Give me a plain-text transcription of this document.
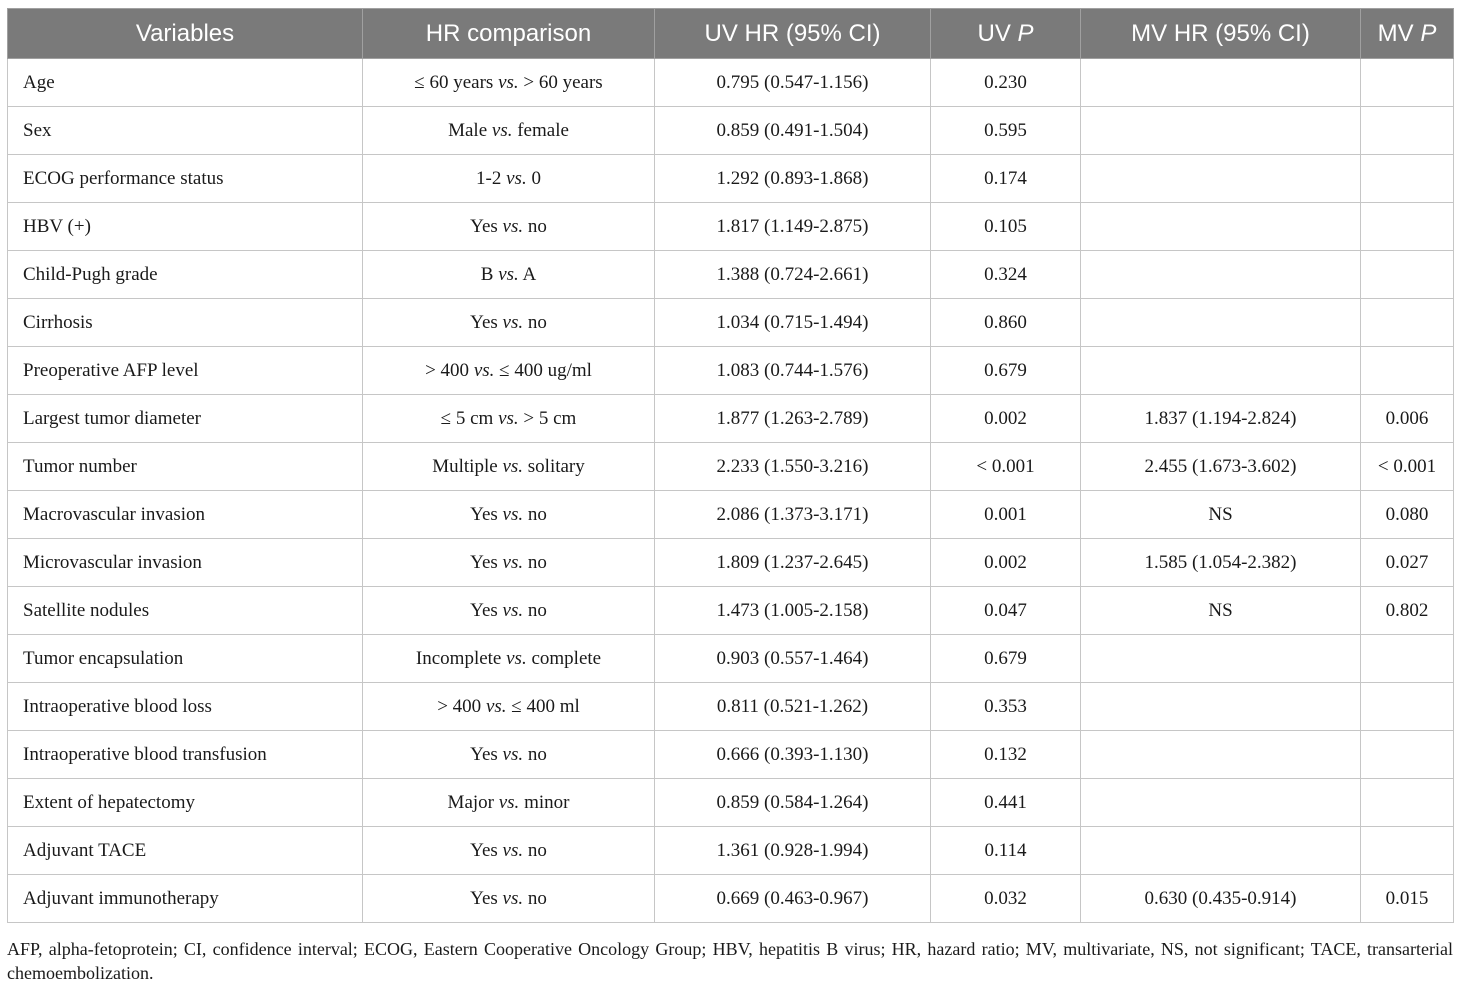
Variables	HR comparison	UV HR (95% CI)	UV P	MV HR (95% CI)	MV P
Age	≤ 60 years vs. > 60 years	0.795 (0.547-1.156)	0.230		
Sex	Male vs. female	0.859 (0.491-1.504)	0.595		
ECOG performance status	1-2 vs. 0	1.292 (0.893-1.868)	0.174		
HBV (+)	Yes vs. no	1.817 (1.149-2.875)	0.105		
Child-Pugh grade	B vs. A	1.388 (0.724-2.661)	0.324		
Cirrhosis	Yes vs. no	1.034 (0.715-1.494)	0.860		
Preoperative AFP level	> 400 vs. ≤ 400 ug/ml	1.083 (0.744-1.576)	0.679		
Largest tumor diameter	≤ 5 cm vs. > 5 cm	1.877 (1.263-2.789)	0.002	1.837 (1.194-2.824)	0.006
Tumor number	Multiple vs. solitary	2.233 (1.550-3.216)	< 0.001	2.455 (1.673-3.602)	< 0.001
Macrovascular invasion	Yes vs. no	2.086 (1.373-3.171)	0.001	NS	0.080
Microvascular invasion	Yes vs. no	1.809 (1.237-2.645)	0.002	1.585 (1.054-2.382)	0.027
Satellite nodules	Yes vs. no	1.473 (1.005-2.158)	0.047	NS	0.802
Tumor encapsulation	Incomplete vs. complete	0.903 (0.557-1.464)	0.679		
Intraoperative blood loss	> 400 vs. ≤ 400 ml	0.811 (0.521-1.262)	0.353		
Intraoperative blood transfusion	Yes vs. no	0.666 (0.393-1.130)	0.132		
Extent of hepatectomy	Major vs. minor	0.859 (0.584-1.264)	0.441		
Adjuvant TACE	Yes vs. no	1.361 (0.928-1.994)	0.114		
Adjuvant immunotherapy	Yes vs. no	0.669 (0.463-0.967)	0.032	0.630 (0.435-0.914)	0.015
AFP, alpha-fetoprotein; CI, confidence interval; ECOG, Eastern Cooperative Oncology Group; HBV, hepatitis B virus; HR, hazard ratio; MV, multivariate, NS, not significant; TACE, transarterial chemoembolization.
